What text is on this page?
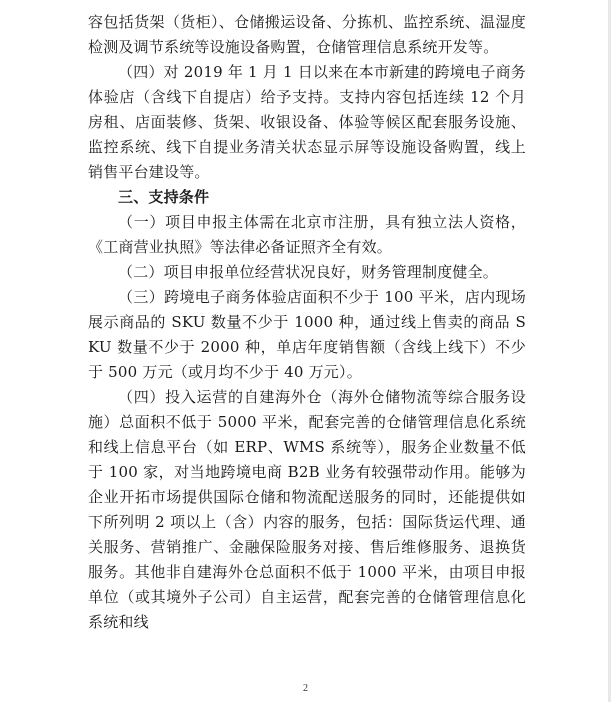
容包括货架（货柜）、仓储搬运设备、分拣机、监控系统、温湿度检测及调节系统等设施设备购置，仓储管理信息系统开发等。

（四）对 2019 年 1 月 1 日以来在本市新建的跨境电子商务体验店（含线下自提店）给予支持。支持内容包括连续 12 个月房租、店面装修、货架、收银设备、体验等候区配套服务设施、监控系统、线下自提业务清关状态显示屏等设施设备购置，线上销售平台建设等。

三、支持条件

（一）项目申报主体需在北京市注册，具有独立法人资格，《工商营业执照》等法律必备证照齐全有效。

（二）项目申报单位经营状况良好，财务管理制度健全。

（三）跨境电子商务体验店面积不少于 100 平米，店内现场展示商品的 SKU 数量不少于 1000 种，通过线上售卖的商品 SKU 数量不少于 2000 种，单店年度销售额（含线上线下）不少于 500 万元（或月均不少于 40 万元）。

（四）投入运营的自建海外仓（海外仓储物流等综合服务设施）总面积不低于 5000 平米，配套完善的仓储管理信息化系统和线上信息平台（如 ERP、WMS 系统等），服务企业数量不低于 100 家，对当地跨境电商 B2B 业务有较强带动作用。能够为企业开拓市场提供国际仓储和物流配送服务的同时，还能提供如下所列明 2 项以上（含）内容的服务，包括：国际货运代理、通关服务、营销推广、金融保险服务对接、售后维修服务、退换货服务。其他非自建海外仓总面积不低于 1000 平米，由项目申报单位（或其境外子公司）自主运营，配套完善的仓储管理信息化系统和线

2
